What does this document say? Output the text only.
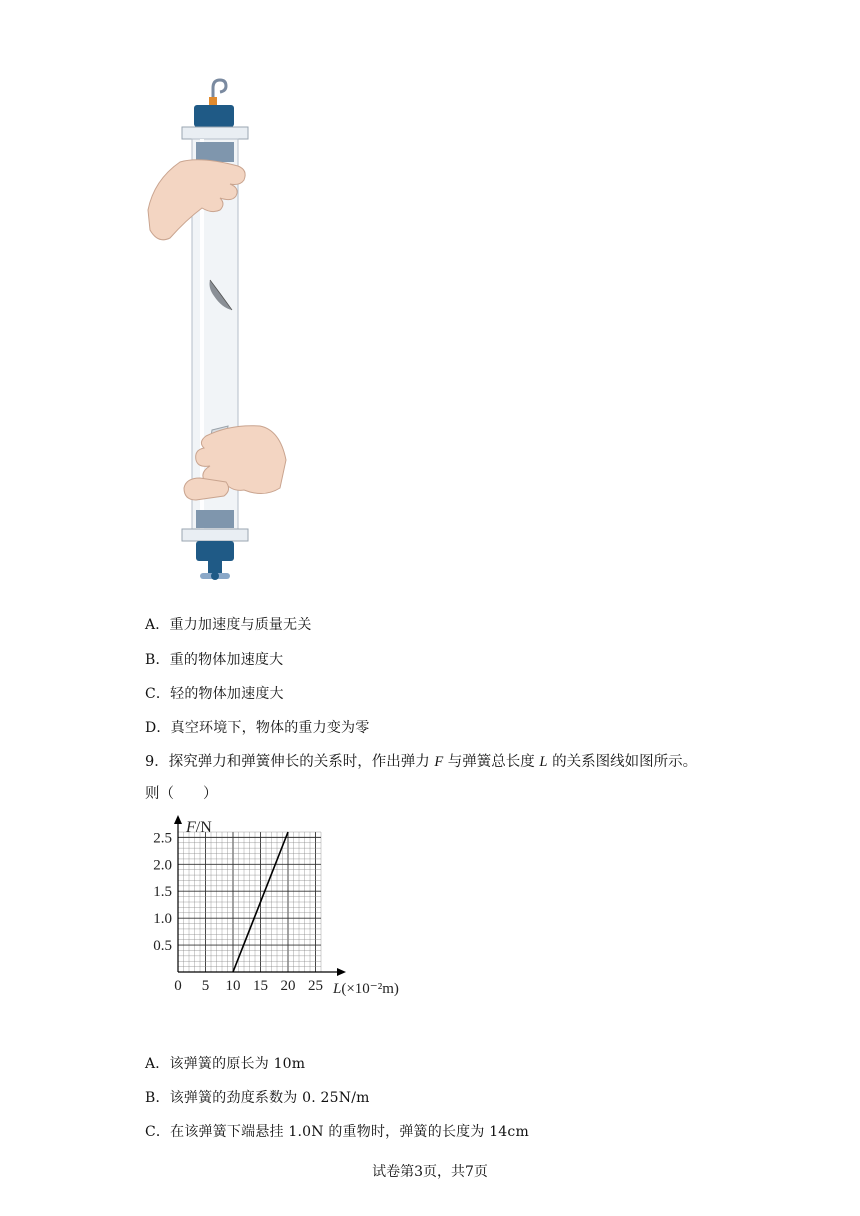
A．重力加速度与质量无关
B．重的物体加速度大
C．轻的物体加速度大
D．真空环境下，物体的重力变为零
9．探究弹力和弹簧伸长的关系时，作出弹力 F 与弹簧总长度 L 的关系图线如图所示。
则（　　）
0 5 10 15 20 25
0.5
1.0
1.5
2.0
2.5
F/N
L(×10⁻²m)
A．该弹簧的原长为 10m
B．该弹簧的劲度系数为 0. 25N/m
C．在该弹簧下端悬挂 1.0N 的重物时，弹簧的长度为 14cm
试卷第3页，共7页
